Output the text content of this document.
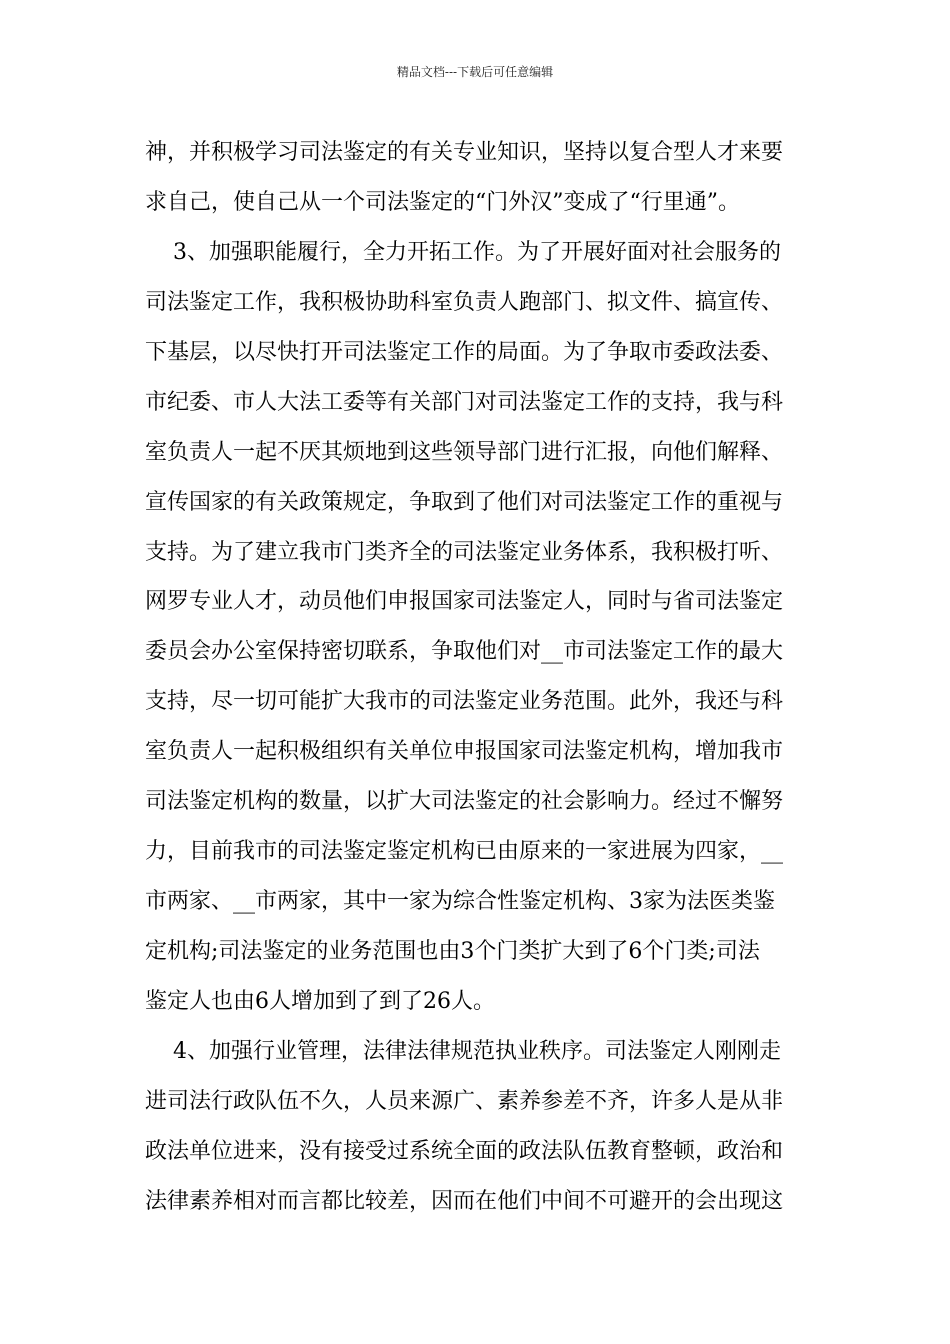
精品文档---下载后可任意编辑
神，并积极学习司法鉴定的有关专业知识，坚持以复合型人才来要
求自己，使自己从一个司法鉴定的“门外汉”变成了“行里通”。
3、加强职能履行，全力开拓工作。为了开展好面对社会服务的
司法鉴定工作，我积极协助科室负责人跑部门、拟文件、搞宣传、
下基层，以尽快打开司法鉴定工作的局面。为了争取市委政法委、
市纪委、市人大法工委等有关部门对司法鉴定工作的支持，我与科
室负责人一起不厌其烦地到这些领导部门进行汇报，向他们解释、
宣传国家的有关政策规定，争取到了他们对司法鉴定工作的重视与
支持。为了建立我市门类齐全的司法鉴定业务体系，我积极打听、
网罗专业人才，动员他们申报国家司法鉴定人，同时与省司法鉴定
委员会办公室保持密切联系，争取他们对__市司法鉴定工作的最大
支持，尽一切可能扩大我市的司法鉴定业务范围。此外，我还与科
室负责人一起积极组织有关单位申报国家司法鉴定机构，增加我市
司法鉴定机构的数量，以扩大司法鉴定的社会影响力。经过不懈努
力，目前我市的司法鉴定鉴定机构已由原来的一家进展为四家，__
市两家、__市两家，其中一家为综合性鉴定机构、3家为法医类鉴
定机构;司法鉴定的业务范围也由3个门类扩大到了6个门类;司法
鉴定人也由6人增加到了到了26人。
4、加强行业管理，法律法律规范执业秩序。司法鉴定人刚刚走
进司法行政队伍不久，人员来源广、素养参差不齐，许多人是从非
政法单位进来，没有接受过系统全面的政法队伍教育整顿，政治和
法律素养相对而言都比较差，因而在他们中间不可避开的会出现这
